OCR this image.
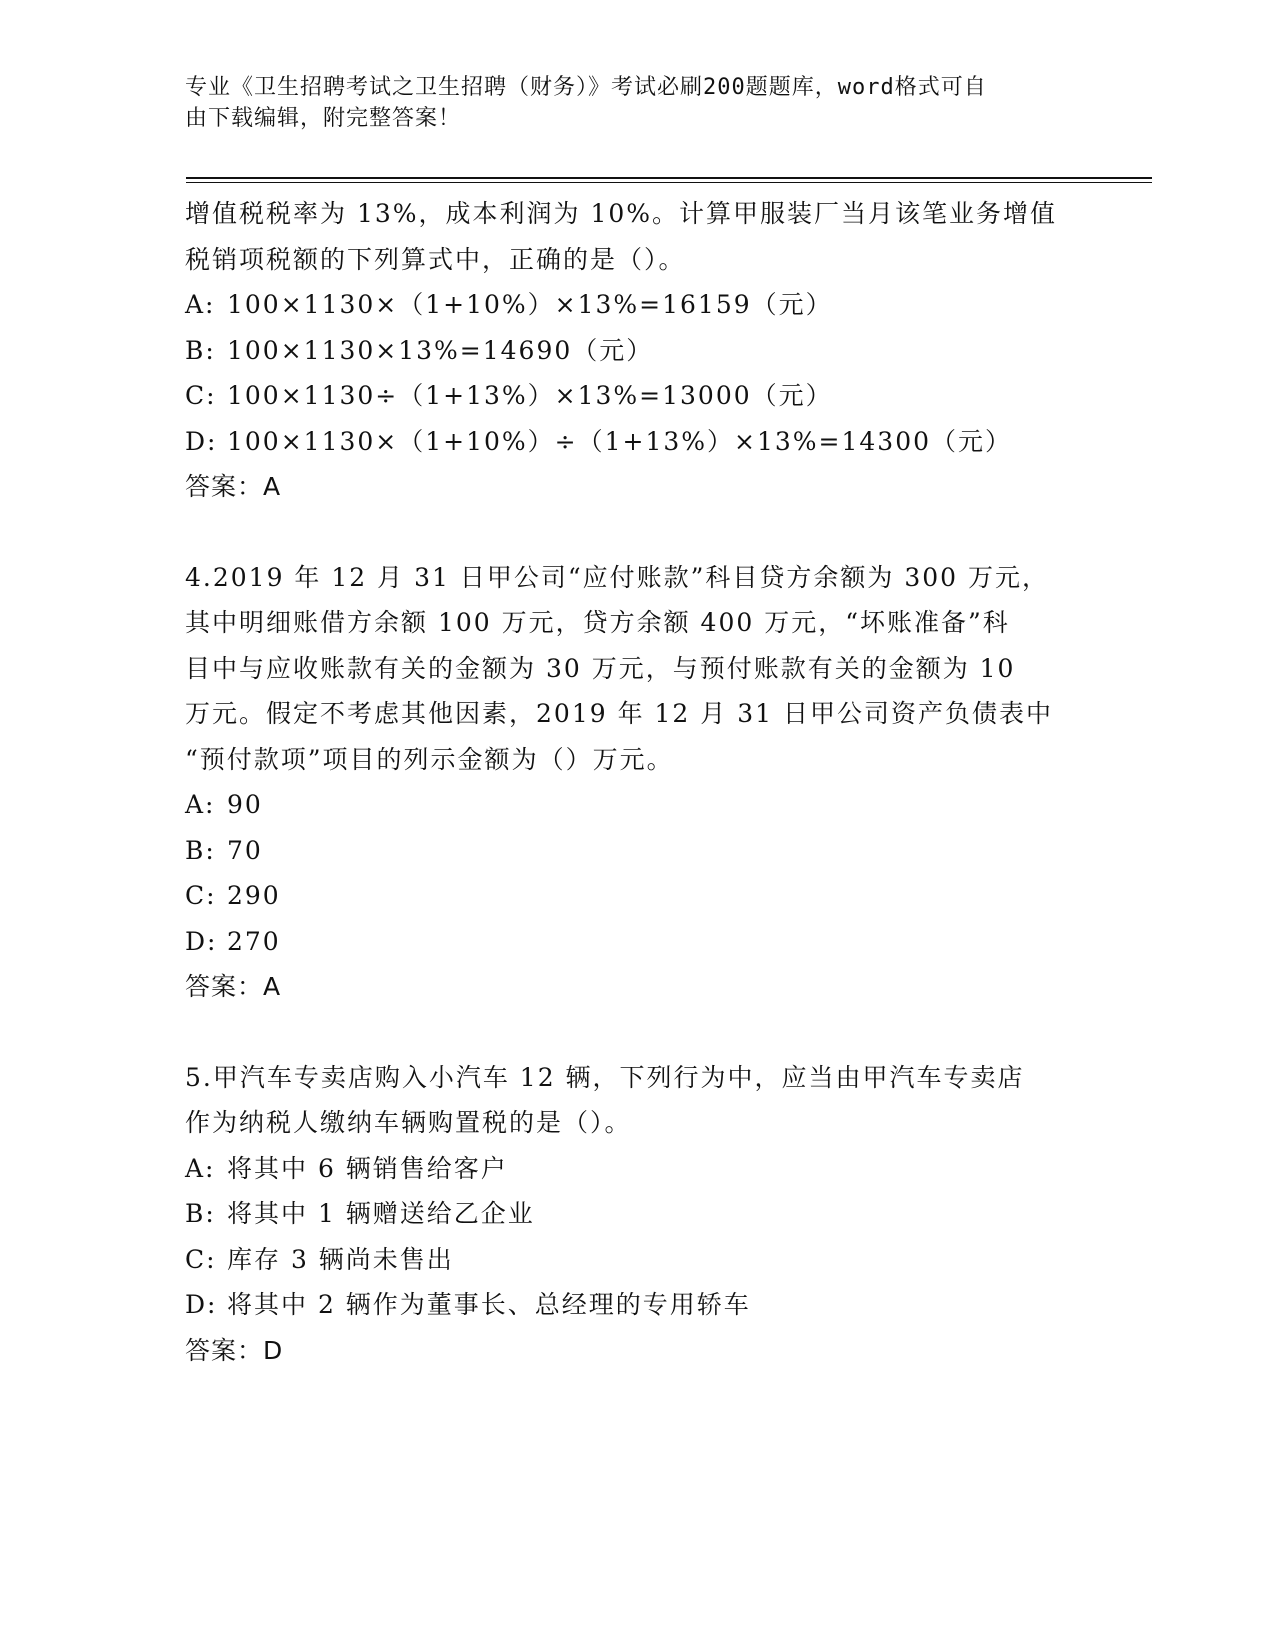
专业《卫生招聘考试之卫生招聘（财务）》考试必刷200题题库，word格式可自
由下载编辑，附完整答案！

增值税税率为 13%，成本利润为 10%。计算甲服装厂当月该笔业务增值

税销项税额的下列算式中，正确的是（）。

A: 100×1130×（1+10%）×13%=16159（元）

B: 100×1130×13%=14690（元）

C: 100×1130÷（1+13%）×13%=13000（元）

D: 100×1130×（1+10%）÷（1+13%）×13%=14300（元）

答案：A

4.2019 年 12 月 31 日甲公司“应付账款”科目贷方余额为 300 万元，

其中明细账借方余额 100 万元，贷方余额 400 万元，“坏账准备”科

目中与应收账款有关的金额为 30 万元，与预付账款有关的金额为 10

万元。假定不考虑其他因素，2019 年 12 月 31 日甲公司资产负债表中

“预付款项”项目的列示金额为（）万元。

A: 90

B: 70

C: 290

D: 270

答案：A

5.甲汽车专卖店购入小汽车 12 辆，下列行为中，应当由甲汽车专卖店

作为纳税人缴纳车辆购置税的是（）。

A: 将其中 6 辆销售给客户

B: 将其中 1 辆赠送给乙企业

C: 库存 3 辆尚未售出

D: 将其中 2 辆作为董事长、总经理的专用轿车

答案：D
